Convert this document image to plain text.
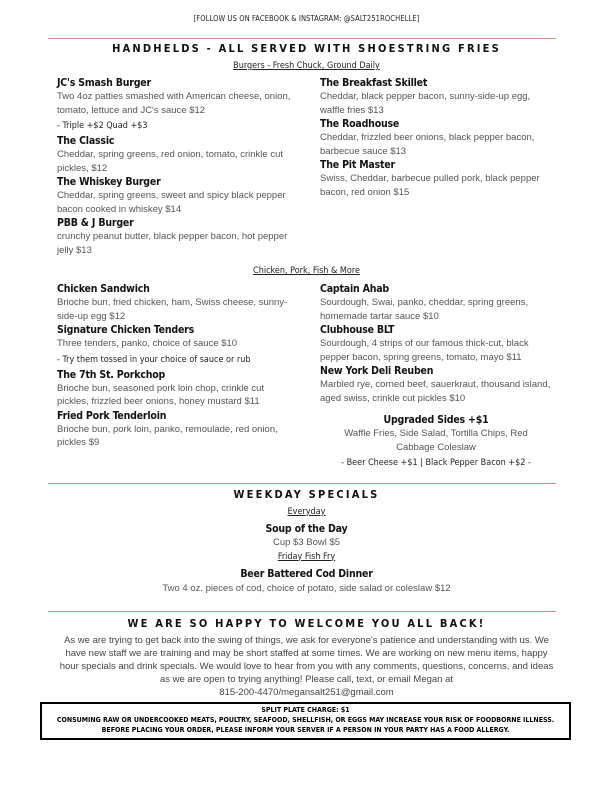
[FOLLOW US ON FACEBOOK & INSTAGRAM: @SALT251ROCHELLE]
HANDHELDS - ALL SERVED WITH SHOESTRING FRIES
Burgers - Fresh Chuck, Ground Daily
JC's Smash Burger
Two 4oz patties smashed with American cheese, onion, tomato, lettuce and JC's sauce $12
- Triple +$2 Quad +$3
The Classic
Cheddar, spring greens, red onion, tomato, crinkle cut pickles, $12
The Whiskey Burger
Cheddar, spring greens, sweet and spicy black pepper bacon cooked in whiskey $14
PBB & J Burger
crunchy peanut butter, black pepper bacon, hot pepper jelly $13
The Breakfast Skillet
Cheddar, black pepper bacon, sunny-side-up egg, waffle fries $13
The Roadhouse
Cheddar, frizzled beer onions, black pepper bacon, barbecue sauce $13
The Pit Master
Swiss, Cheddar, barbecue pulled pork, black pepper bacon, red onion $15
Chicken, Pork, Fish & More
Chicken Sandwich
Brioche bun, fried chicken, ham, Swiss cheese, sunny-side-up egg $12
Signature Chicken Tenders
Three tenders, panko, choice of sauce $10
- Try them tossed in your choice of sauce or rub
The 7th St. Porkchop
Brioche bun, seasoned pork loin chop, crinkle cut pickles, frizzled beer onions, honey mustard $11
Fried Pork Tenderloin
Brioche bun, pork loin, panko, remoulade, red onion, pickles $9
Captain Ahab
Sourdough, Swai, panko, cheddar, spring greens, homemade tartar sauce $10
Clubhouse BLT
Sourdough, 4 strips of our famous thick-cut, black pepper bacon, spring greens, tomato, mayo $11
New York Deli Reuben
Marbled rye, corned beef, sauerkraut, thousand island, aged swiss, crinkle cut pickles $10
Upgraded Sides +$1
Waffle Fries, Side Salad, Tortilla Chips, Red Cabbage Coleslaw
- Beer Cheese +$1 | Black Pepper Bacon +$2 -
WEEKDAY SPECIALS
Everyday
Soup of the Day
Cup $3 Bowl $5
Friday Fish Fry
Beer Battered Cod Dinner
Two 4 oz. pieces of cod, choice of potato, side salad or coleslaw $12
WE ARE SO HAPPY TO WELCOME YOU ALL BACK!
As we are trying to get back into the swing of things, we ask for everyone's patience and understanding with us. We have new staff we are training and may be short staffed at some times. We are working on new menu items, happy hour specials and drink specials. We would love to hear from you with any comments, questions, concerns, and ideas as we are open to trying anything! Please call, text, or email Megan at
815-200-4470/megansalt251@gmail.com
SPLIT PLATE CHARGE: $1
CONSUMING RAW OR UNDERCOOKED MEATS, POULTRY, SEAFOOD, SHELLFISH, OR EGGS MAY INCREASE YOUR RISK OF FOODBORNE ILLNESS.
BEFORE PLACING YOUR ORDER, PLEASE INFORM YOUR SERVER IF A PERSON IN YOUR PARTY HAS A FOOD ALLERGY.
